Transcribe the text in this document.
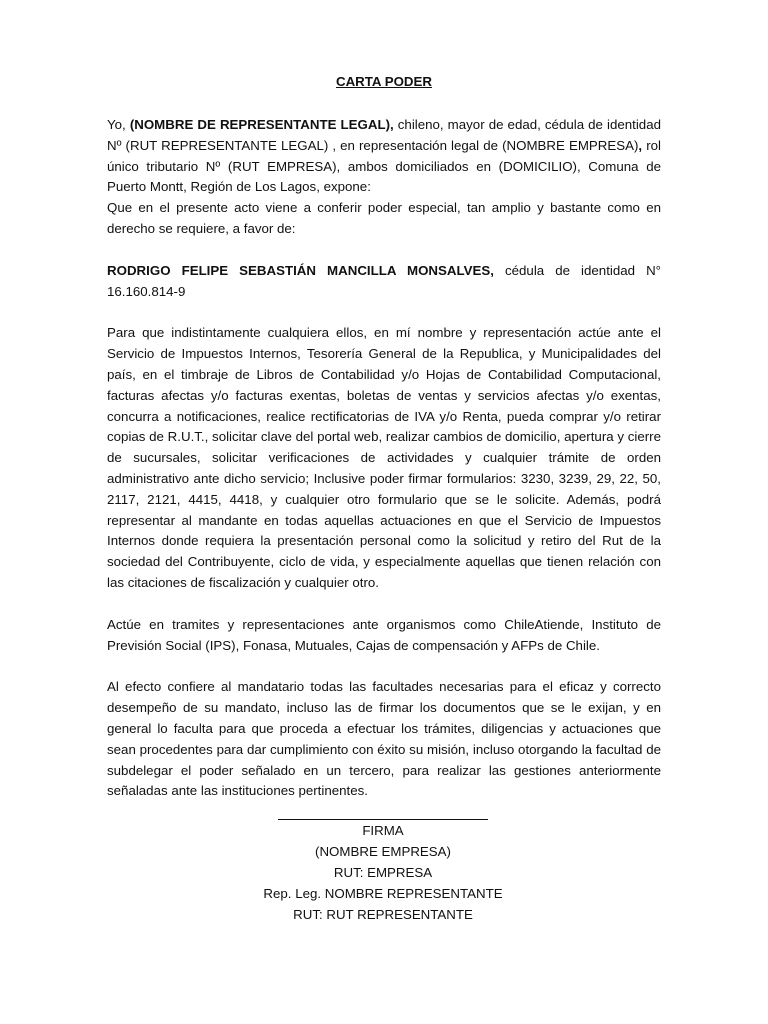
CARTA PODER

Yo, (NOMBRE DE REPRESENTANTE LEGAL), chileno, mayor de edad, cédula de identidad Nº (RUT REPRESENTANTE LEGAL) , en representación legal de (NOMBRE EMPRESA), rol único tributario Nº (RUT EMPRESA), ambos domiciliados en (DOMICILIO), Comuna de Puerto Montt, Región de Los Lagos, expone:

Que en el presente acto viene a conferir poder especial, tan amplio y bastante como en derecho se requiere, a favor de:

RODRIGO FELIPE SEBASTIÁN MANCILLA MONSALVES, cédula de identidad N° 16.160.814-9

Para que indistintamente cualquiera ellos, en mí nombre y representación actúe ante el Servicio de Impuestos Internos, Tesorería General de la Republica, y Municipalidades del país, en el timbraje de Libros de Contabilidad y/o Hojas de Contabilidad Computacional, facturas afectas y/o facturas exentas, boletas de ventas y servicios afectas y/o exentas, concurra a notificaciones, realice rectificatorias de IVA y/o Renta, pueda comprar y/o retirar copias de R.U.T., solicitar clave del portal web, realizar cambios de domicilio, apertura y cierre de sucursales, solicitar verificaciones de actividades y cualquier trámite de orden administrativo ante dicho servicio; Inclusive poder firmar formularios: 3230, 3239, 29, 22, 50, 2117, 2121, 4415, 4418, y cualquier otro formulario que se le solicite. Además, podrá representar al mandante en todas aquellas actuaciones en que el Servicio de Impuestos Internos donde requiera la presentación personal como la solicitud y retiro del Rut de la sociedad del Contribuyente, ciclo de vida, y especialmente aquellas que tienen relación con las citaciones de fiscalización y cualquier otro.

Actúe en tramites y representaciones ante organismos como ChileAtiende, Instituto de Previsión Social (IPS), Fonasa, Mutuales, Cajas de compensación y AFPs de Chile.

Al efecto confiere al mandatario todas las facultades necesarias para el eficaz y correcto desempeño de su mandato, incluso las de firmar los documentos que se le exijan, y en general lo faculta para que proceda a efectuar los trámites, diligencias y actuaciones que sean procedentes para dar cumplimiento con éxito su misión, incluso otorgando la facultad de subdelegar el poder señalado en un tercero, para realizar las gestiones anteriormente señaladas ante las instituciones pertinentes.

FIRMA
(NOMBRE EMPRESA)
RUT: EMPRESA
Rep. Leg. NOMBRE REPRESENTANTE
RUT: RUT REPRESENTANTE
